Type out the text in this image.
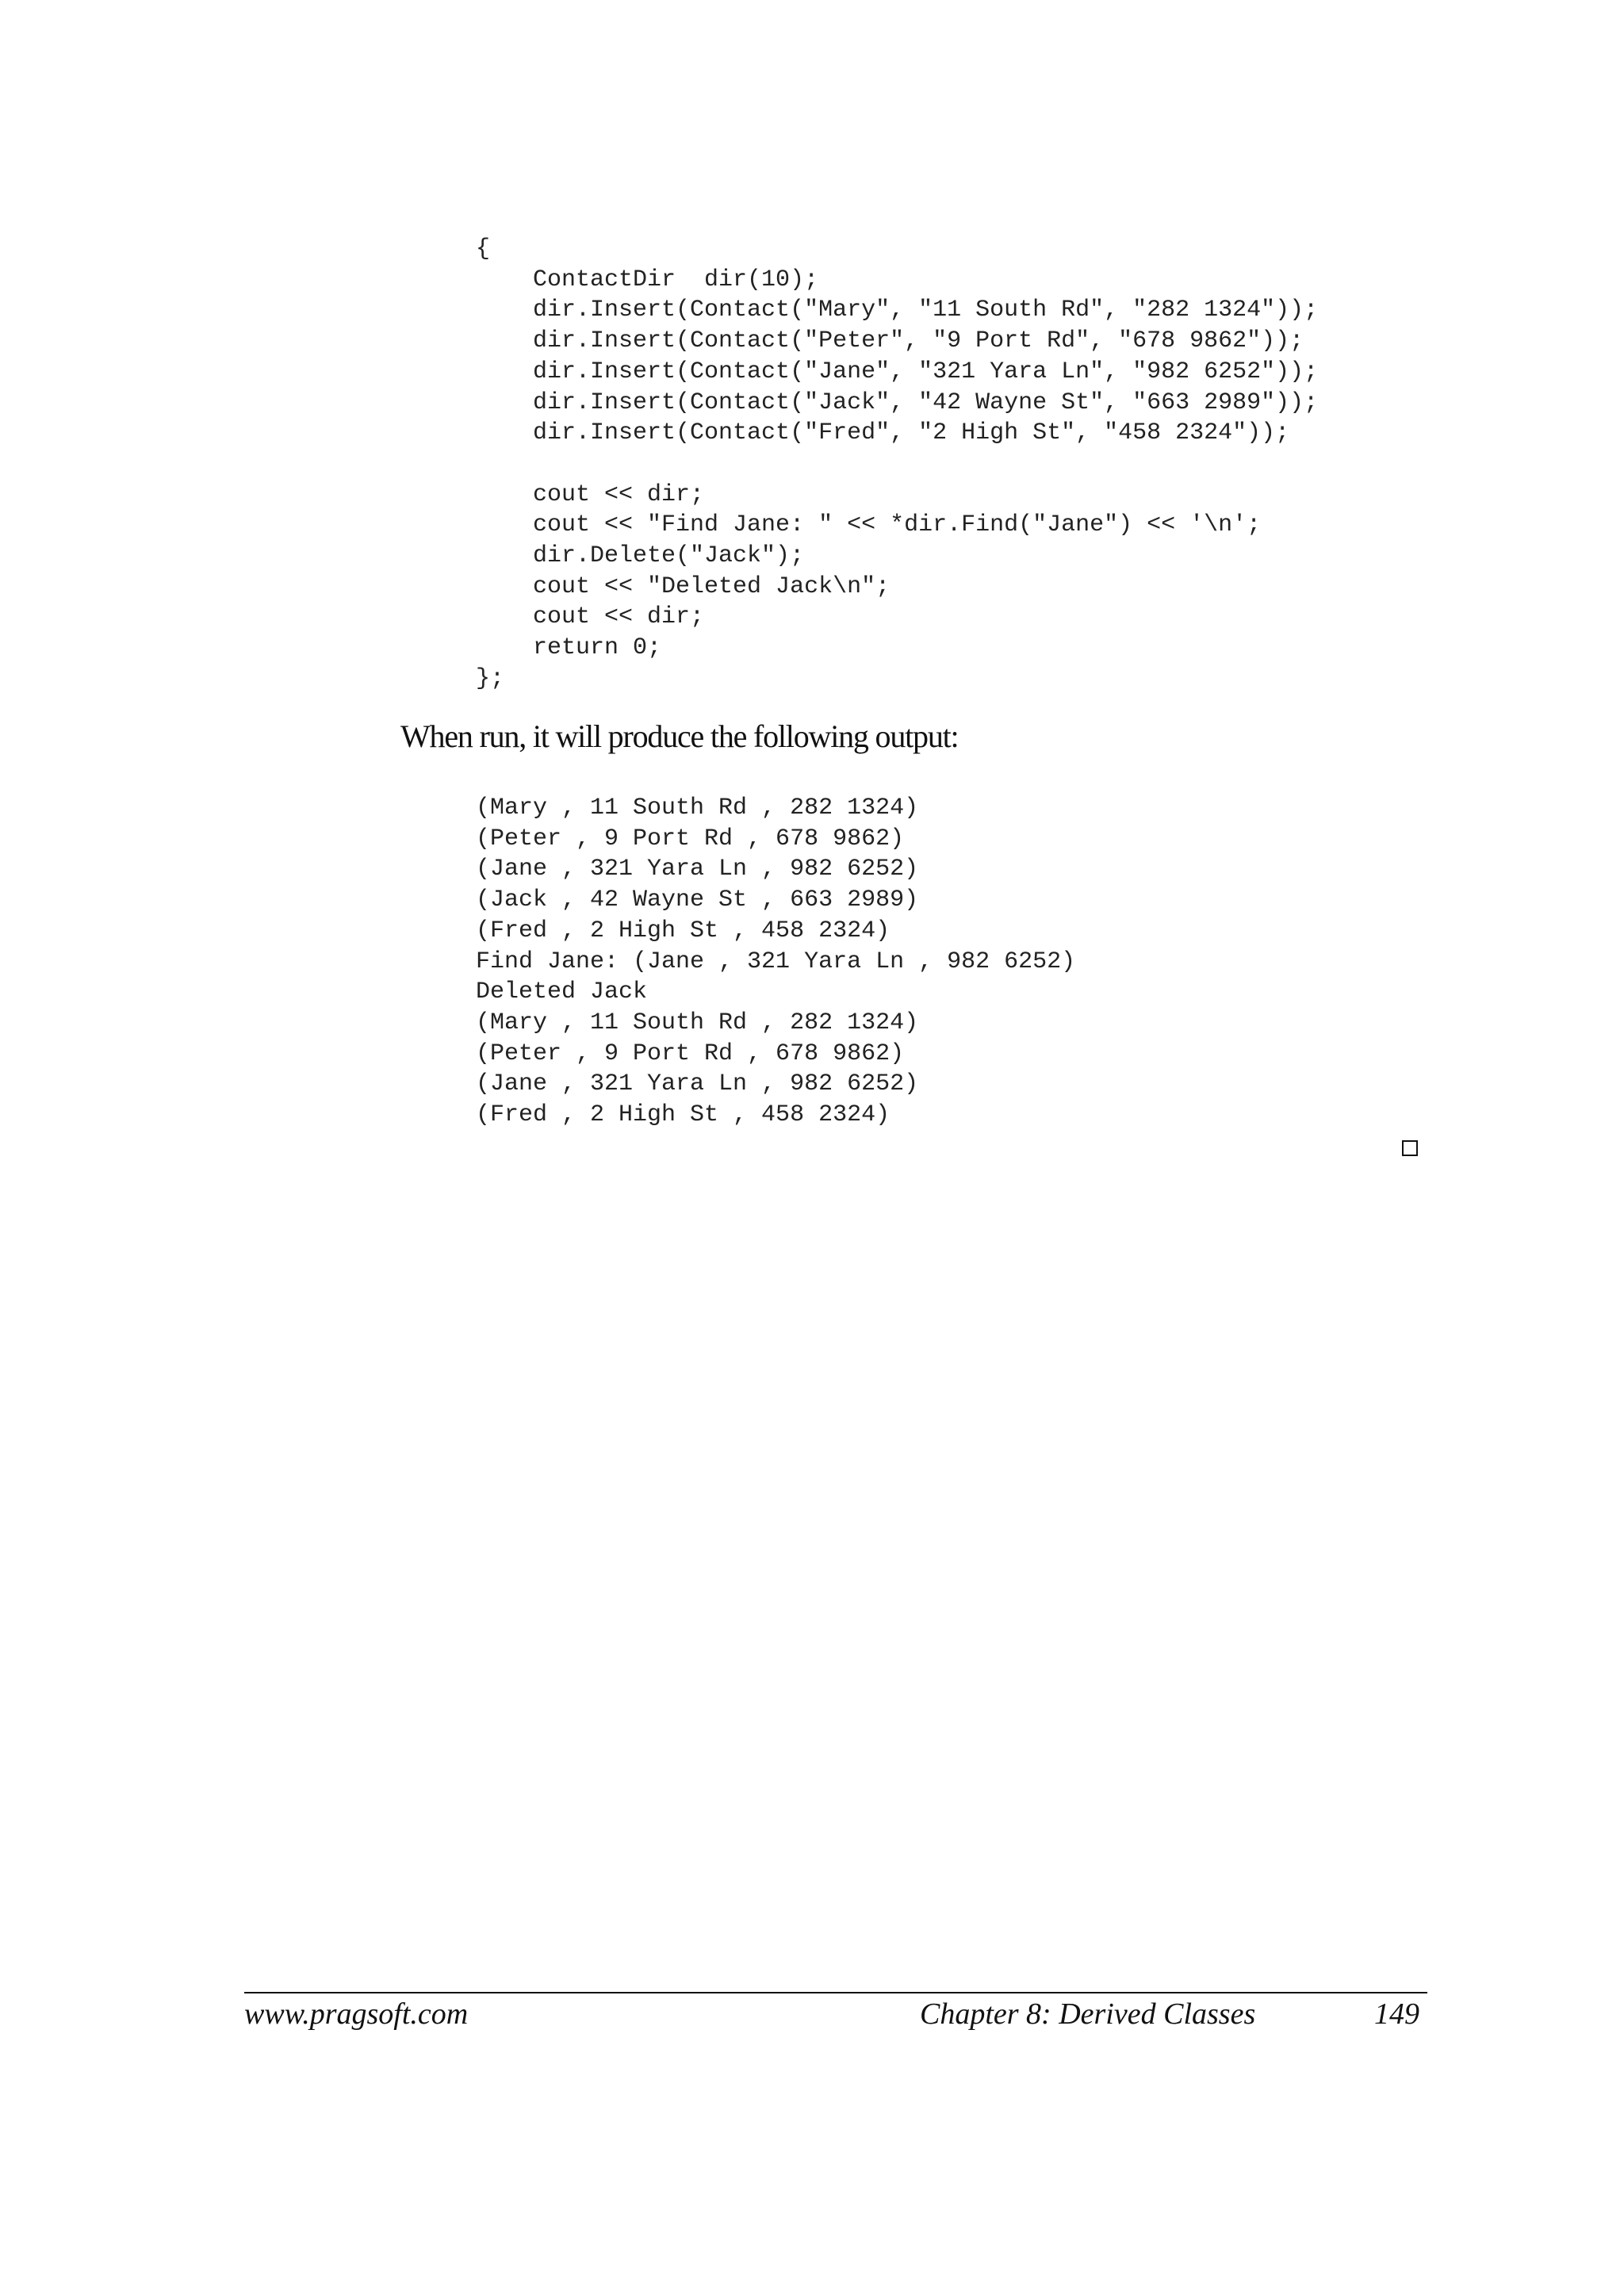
{
ContactDir  dir(10);
dir.Insert(Contact("Mary", "11 South Rd", "282 1324"));
dir.Insert(Contact("Peter", "9 Port Rd", "678 9862"));
dir.Insert(Contact("Jane", "321 Yara Ln", "982 6252"));
dir.Insert(Contact("Jack", "42 Wayne St", "663 2989"));
dir.Insert(Contact("Fred", "2 High St", "458 2324"));
cout << dir;
cout << "Find Jane: " << *dir.Find("Jane") << '\n';
dir.Delete("Jack");
cout << "Deleted Jack\n";
cout << dir;
return 0;
};
When run, it will produce the following output:
(Mary , 11 South Rd , 282 1324)
(Peter , 9 Port Rd , 678 9862)
(Jane , 321 Yara Ln , 982 6252)
(Jack , 42 Wayne St , 663 2989)
(Fred , 2 High St , 458 2324)
Find Jane: (Jane , 321 Yara Ln , 982 6252)
Deleted Jack
(Mary , 11 South Rd , 282 1324)
(Peter , 9 Port Rd , 678 9862)
(Jane , 321 Yara Ln , 982 6252)
(Fred , 2 High St , 458 2324)
www.pragsoft.com	Chapter 8: Derived Classes	149
